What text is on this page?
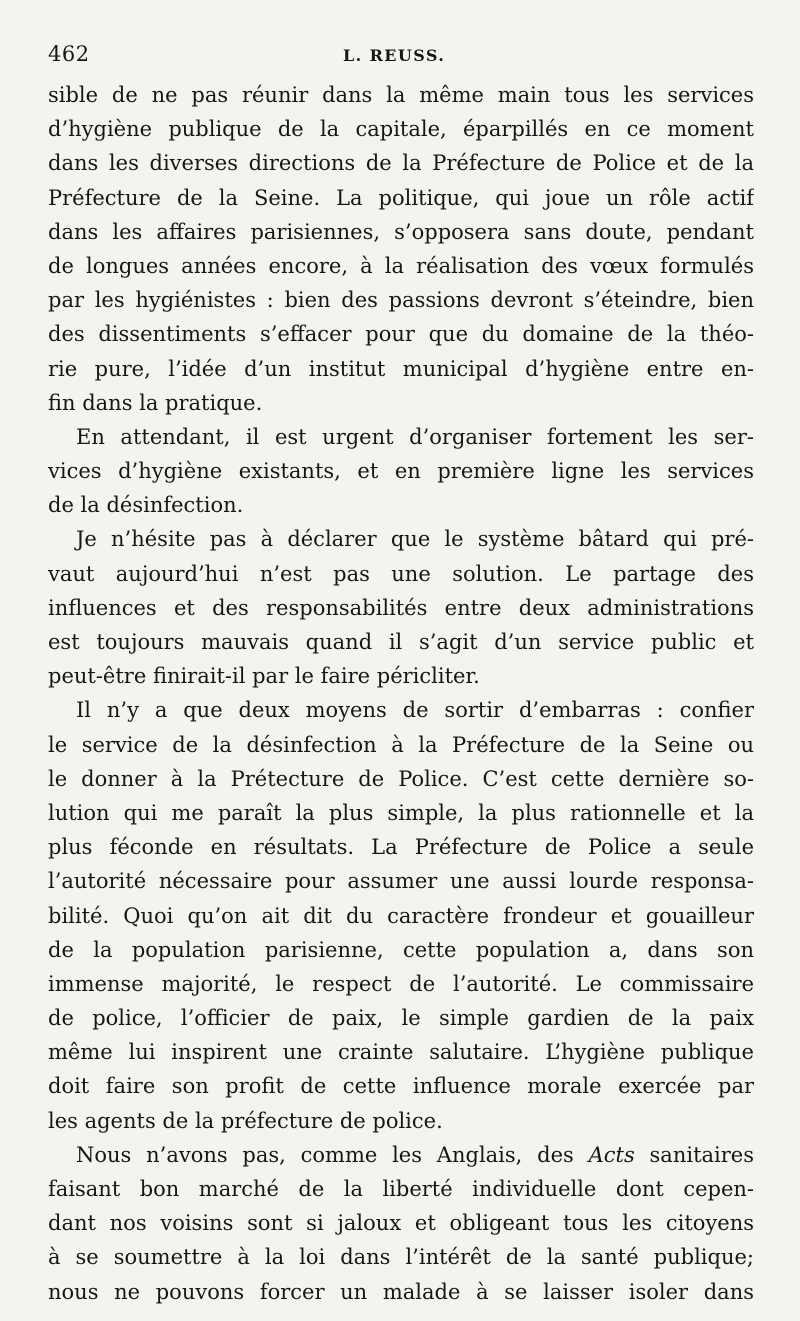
462	L. REUSS.
sible de ne pas réunir dans la même main tous les services
d’hygiène publique de la capitale, éparpillés en ce moment
dans les diverses directions de la Préfecture de Police et de la
Préfecture de la Seine. La politique, qui joue un rôle actif
dans les affaires parisiennes, s’opposera sans doute, pendant
de longues années encore, à la réalisation des vœux formulés
par les hygiénistes : bien des passions devront s’éteindre, bien
des dissentiments s’effacer pour que du domaine de la théo-
rie pure, l’idée d’un institut municipal d’hygiène entre en-
fin dans la pratique.
En attendant, il est urgent d’organiser fortement les ser-
vices d’hygiène existants, et en première ligne les services
de la désinfection.
Je n’hésite pas à déclarer que le système bâtard qui pré-
vaut aujourd’hui n’est pas une solution. Le partage des
influences et des responsabilités entre deux administrations
est toujours mauvais quand il s’agit d’un service public et
peut-être finirait-il par le faire péricliter.
Il n’y a que deux moyens de sortir d’embarras : confier
le service de la désinfection à la Préfecture de la Seine ou
le donner à la Prétecture de Police. C’est cette dernière so-
lution qui me paraît la plus simple, la plus rationnelle et la
plus féconde en résultats. La Préfecture de Police a seule
l’autorité nécessaire pour assumer une aussi lourde responsa-
bilité. Quoi qu’on ait dit du caractère frondeur et gouailleur
de la population parisienne, cette population a, dans son
immense majorité, le respect de l’autorité. Le commissaire
de police, l’officier de paix, le simple gardien de la paix
même lui inspirent une crainte salutaire. L’hygiène publique
doit faire son profit de cette influence morale exercée par
les agents de la préfecture de police.
Nous n’avons pas, comme les Anglais, des Acts sanitaires
faisant bon marché de la liberté individuelle dont cepen-
dant nos voisins sont si jaloux et obligeant tous les citoyens
à se soumettre à la loi dans l’intérêt de la santé publique;
nous ne pouvons forcer un malade à se laisser isoler dans
